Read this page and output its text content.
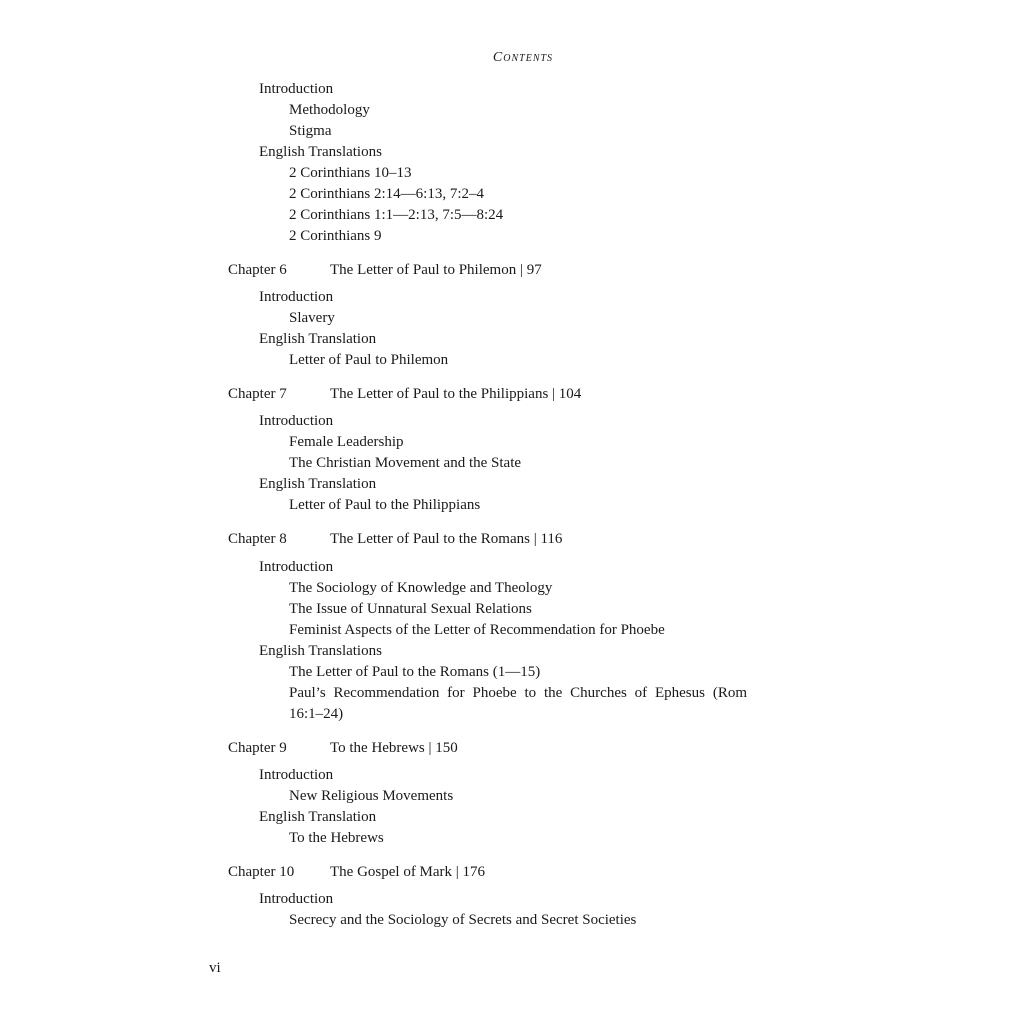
Contents
Introduction
Methodology
Stigma
English Translations
2 Corinthians 10–13
2 Corinthians 2:14—6:13, 7:2–4
2 Corinthians 1:1—2:13, 7:5—8:24
2 Corinthians 9
Chapter 6	The Letter of Paul to Philemon | 97
Introduction
Slavery
English Translation
Letter of Paul to Philemon
Chapter 7	The Letter of Paul to the Philippians | 104
Introduction
Female Leadership
The Christian Movement and the State
English Translation
Letter of Paul to the Philippians
Chapter 8	The Letter of Paul to the Romans | 116
Introduction
The Sociology of Knowledge and Theology
The Issue of Unnatural Sexual Relations
Feminist Aspects of the Letter of Recommendation for Phoebe
English Translations
The Letter of Paul to the Romans (1—15)
Paul’s Recommendation for Phoebe to the Churches of Ephesus (Rom
16:1–24)
Chapter 9	To the Hebrews | 150
Introduction
New Religious Movements
English Translation
To the Hebrews
Chapter 10 The Gospel of Mark | 176
Introduction
Secrecy and the Sociology of Secrets and Secret Societies
vi
